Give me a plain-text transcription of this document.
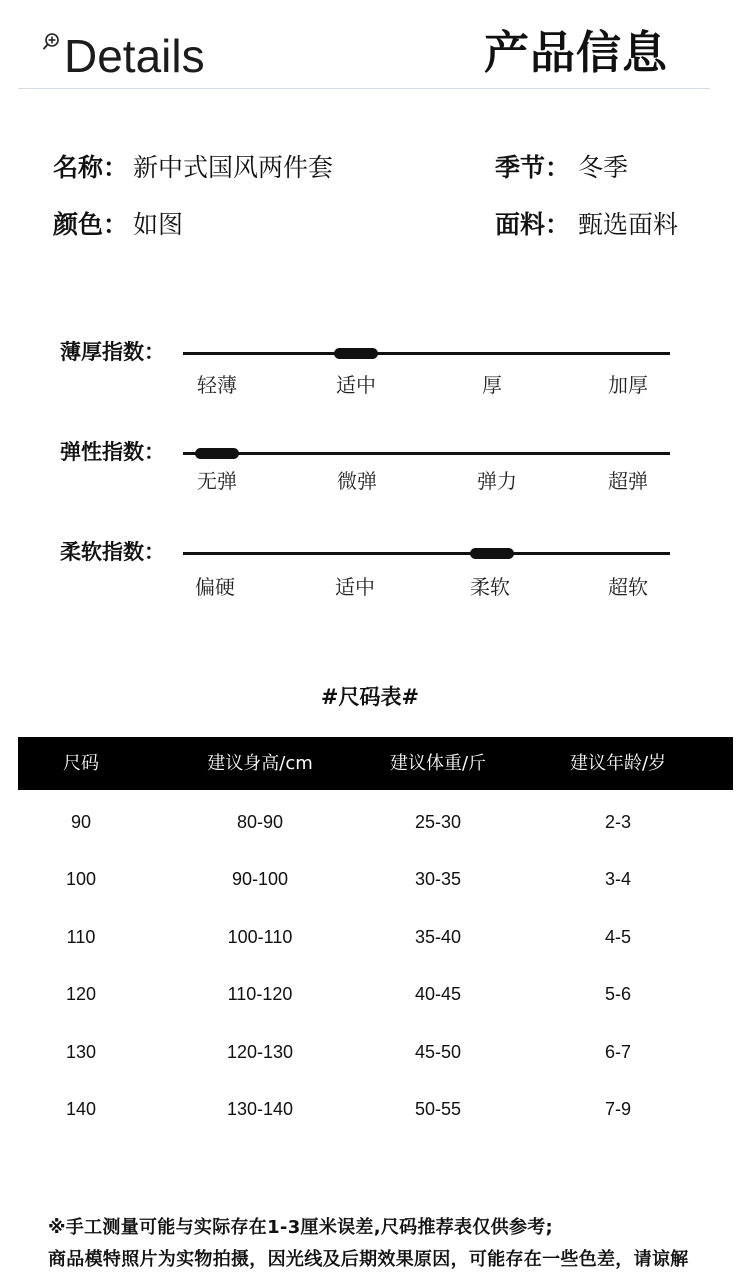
Details	产品信息
名称： 新中式国风两件套	季节： 冬季
颜色： 如图	面料： 甄选面料
薄厚指数：
轻薄	适中	厚	加厚
弹性指数：
无弹	微弹	弹力	超弹
柔软指数：
偏硬	适中	柔软	超软
#尺码表#
尺码	建议身高/cm	建议体重/斤	建议年龄/岁
90	80-90	25-30	2-3
100	90-100	30-35	3-4
110	100-110	35-40	4-5
120	110-120	40-45	5-6
130	120-130	45-50	6-7
140	130-140	50-55	7-9
※手工测量可能与实际存在1-3厘米误差,尺码推荐表仅供参考;
商品模特照片为实物拍摄，因光线及后期效果原因，可能存在一些色差，请谅解
